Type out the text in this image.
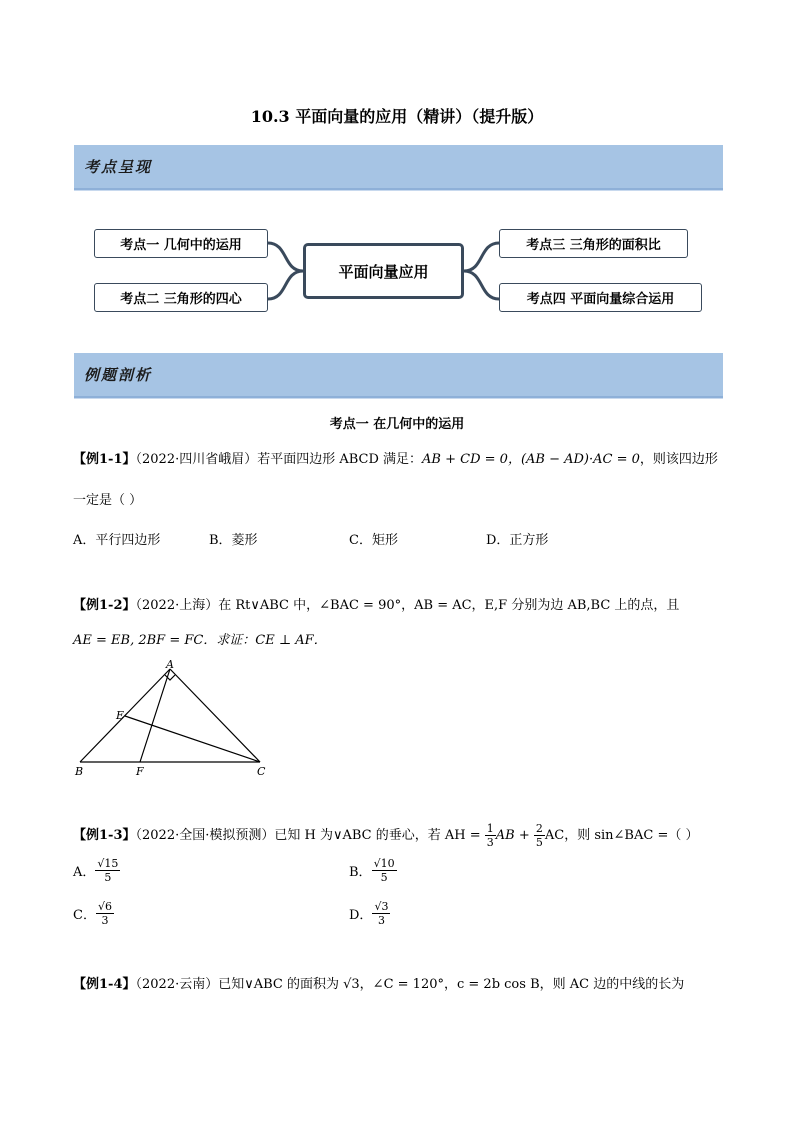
10.3 平面向量的应用（精讲）（提升版）
考点呈现
考点一 几何中的运用
考点二 三角形的四心
平面向量应用
考点三 三角形的面积比
考点四 平面向量综合运用
例题剖析
考点一 在几何中的运用
【例1-1】（2022·四川省峨眉）若平面四边形 ABCD 满足：AB + CD = 0，(AB − AD)·AC = 0，则该四边形
一定是（ ）
A．平行四边形	B．菱形	C．矩形	D．正方形
【例1-2】（2022·上海）在 Rt∨ABC 中，∠BAC = 90°，AB = AC，E,F 分别为边 AB,BC 上的点，且
AE = EB, 2BF = FC．求证：CE ⊥ AF．
A
E
B	F	C
【例1-3】（2022·全国·模拟预测）已知 H 为∨ABC 的垂心，若 AH = $\frac{1}{3}$ AB + $\frac{2}{5}$ AC，则 sin∠BAC =（ ）
A． $\frac{√15}{5}$	B． $\frac{√10}{5}$
C． $\frac{√6}{3}$	D． $\frac{√3}{3}$
【例1-4】（2022·云南）已知∨ABC 的面积为 √3，∠C = 120°，c = 2b cos B，则 AC 边的中线的长为
